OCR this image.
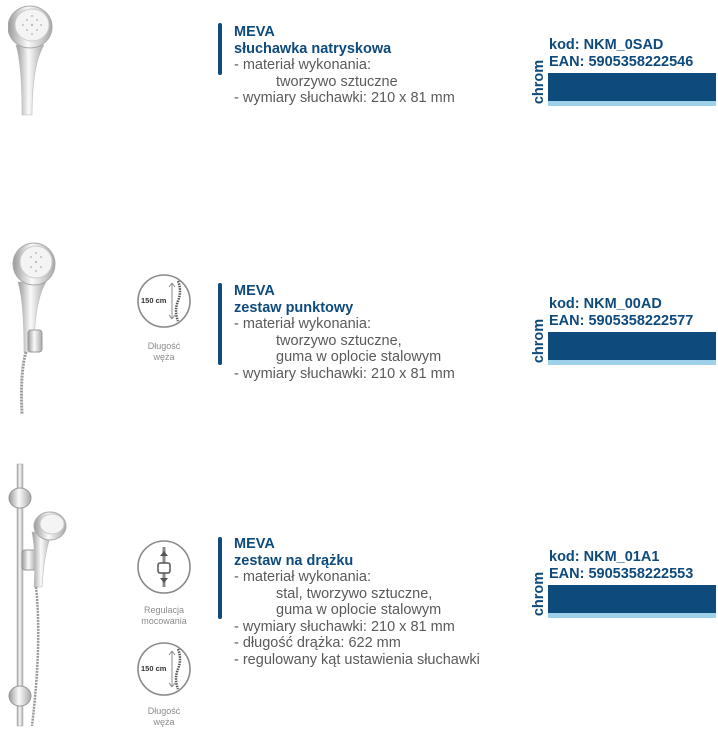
MEVA
słuchawka natryskowa
- materiał wykonania:
tworzywo sztuczne
- wymiary słuchawki: 210 x 81 mm
kod: NKM_0SAD
EAN: 5905358222546
chrom
150 cm
Długość
węża
MEVA
zestaw punktowy
- materiał wykonania:
tworzywo sztuczne,
guma w oplocie stalowym
- wymiary słuchawki: 210 x 81 mm
kod: NKM_00AD
EAN: 5905358222577
chrom
Regulacja
mocowania
150 cm
Długość
węża
MEVA
zestaw na drążku
- materiał wykonania:
stal, tworzywo sztuczne,
guma w oplocie stalowym
- wymiary słuchawki: 210 x 81 mm
- długość drążka: 622 mm
- regulowany kąt ustawienia słuchawki
kod: NKM_01A1
EAN: 5905358222553
chrom
